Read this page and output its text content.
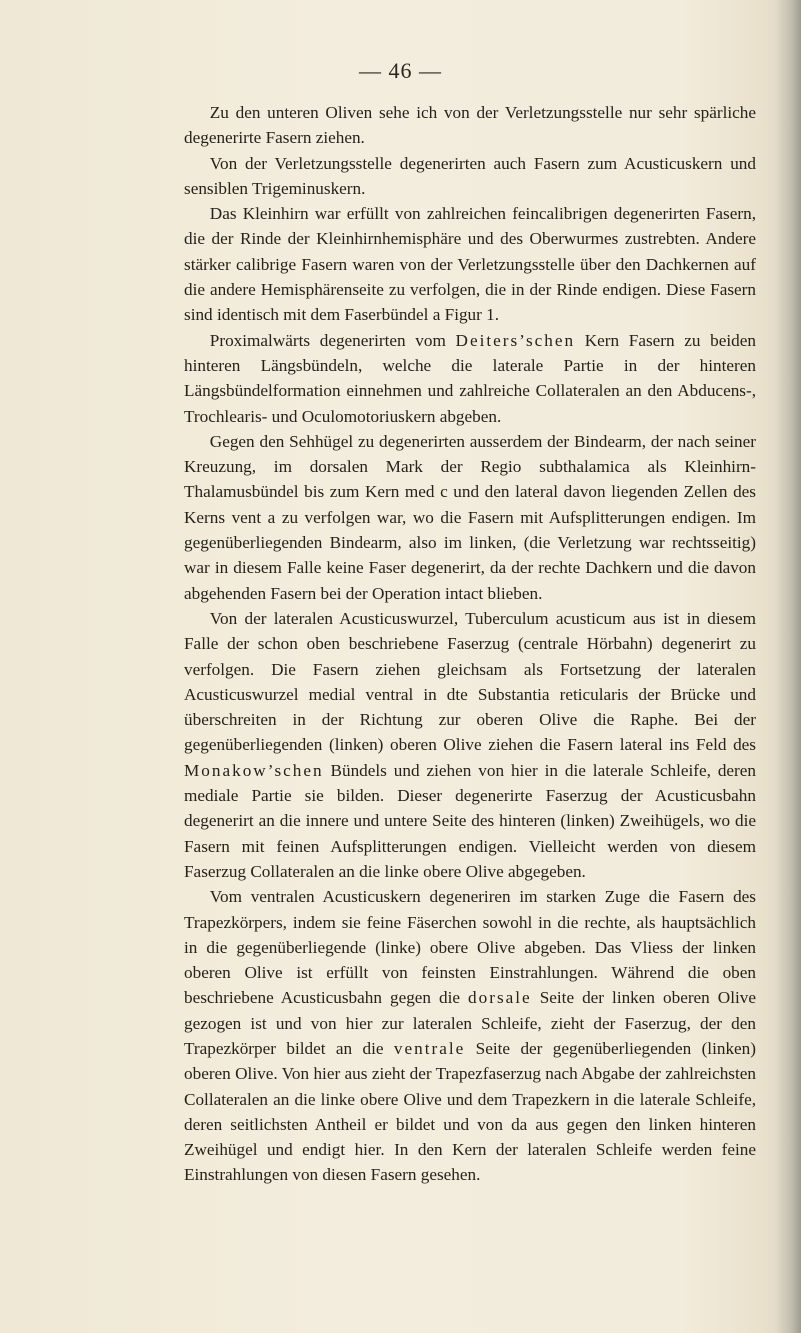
— 46 —

Zu den unteren Oliven sehe ich von der Verletzungsstelle nur sehr spärliche degenerirte Fasern ziehen.

Von der Verletzungsstelle degenerirten auch Fasern zum Acusticuskern und sensiblen Trigeminuskern.

Das Kleinhirn war erfüllt von zahlreichen feincalibrigen degenerirten Fasern, die der Rinde der Kleinhirnhemisphäre und des Oberwurmes zustrebten. Andere stärker calibrige Fasern waren von der Verletzungsstelle über den Dachkernen auf die andere Hemisphärenseite zu verfolgen, die in der Rinde endigen. Diese Fasern sind identisch mit dem Faserbündel a Figur 1.

Proximalwärts degenerirten vom Deiters’schen Kern Fasern zu beiden hinteren Längsbündeln, welche die laterale Partie in der hinteren Längsbündelformation einnehmen und zahlreiche Collateralen an den Abducens-, Trochlearis- und Oculomotoriuskern abgeben.

Gegen den Sehhügel zu degenerirten ausserdem der Bindearm, der nach seiner Kreuzung, im dorsalen Mark der Regio subthalamica als Kleinhirn-Thalamusbündel bis zum Kern med c und den lateral davon liegenden Zellen des Kerns vent a zu verfolgen war, wo die Fasern mit Aufsplitterungen endigen. Im gegenüberliegenden Bindearm, also im linken, (die Verletzung war rechtsseitig) war in diesem Falle keine Faser degenerirt, da der rechte Dachkern und die davon abgehenden Fasern bei der Operation intact blieben.

Von der lateralen Acusticuswurzel, Tuberculum acusticum aus ist in diesem Falle der schon oben beschriebene Faserzug (centrale Hörbahn) degenerirt zu verfolgen. Die Fasern ziehen gleichsam als Fortsetzung der lateralen Acusticuswurzel medial ventral in dte Substantia reticularis der Brücke und überschreiten in der Richtung zur oberen Olive die Raphe. Bei der gegenüberliegenden (linken) oberen Olive ziehen die Fasern lateral ins Feld des Monakow’schen Bündels und ziehen von hier in die laterale Schleife, deren mediale Partie sie bilden. Dieser degenerirte Faserzug der Acusticusbahn degenerirt an die innere und untere Seite des hinteren (linken) Zweihügels, wo die Fasern mit feinen Aufsplitterungen endigen. Vielleicht werden von diesem Faserzug Collateralen an die linke obere Olive abgegeben.

Vom ventralen Acusticuskern degeneriren im starken Zuge die Fasern des Trapezkörpers, indem sie feine Fäserchen sowohl in die rechte, als hauptsächlich in die gegenüberliegende (linke) obere Olive abgeben. Das Vliess der linken oberen Olive ist erfüllt von feinsten Einstrahlungen. Während die oben beschriebene Acusticusbahn gegen die dorsale Seite der linken oberen Olive gezogen ist und von hier zur lateralen Schleife, zieht der Faserzug, der den Trapezkörper bildet an die ventrale Seite der gegenüberliegenden (linken) oberen Olive. Von hier aus zieht der Trapezfaserzug nach Abgabe der zahlreichsten Collateralen an die linke obere Olive und dem Trapezkern in die laterale Schleife, deren seitlichsten Antheil er bildet und von da aus gegen den linken hinteren Zweihügel und endigt hier. In den Kern der lateralen Schleife werden feine Einstrahlungen von diesen Fasern gesehen.
